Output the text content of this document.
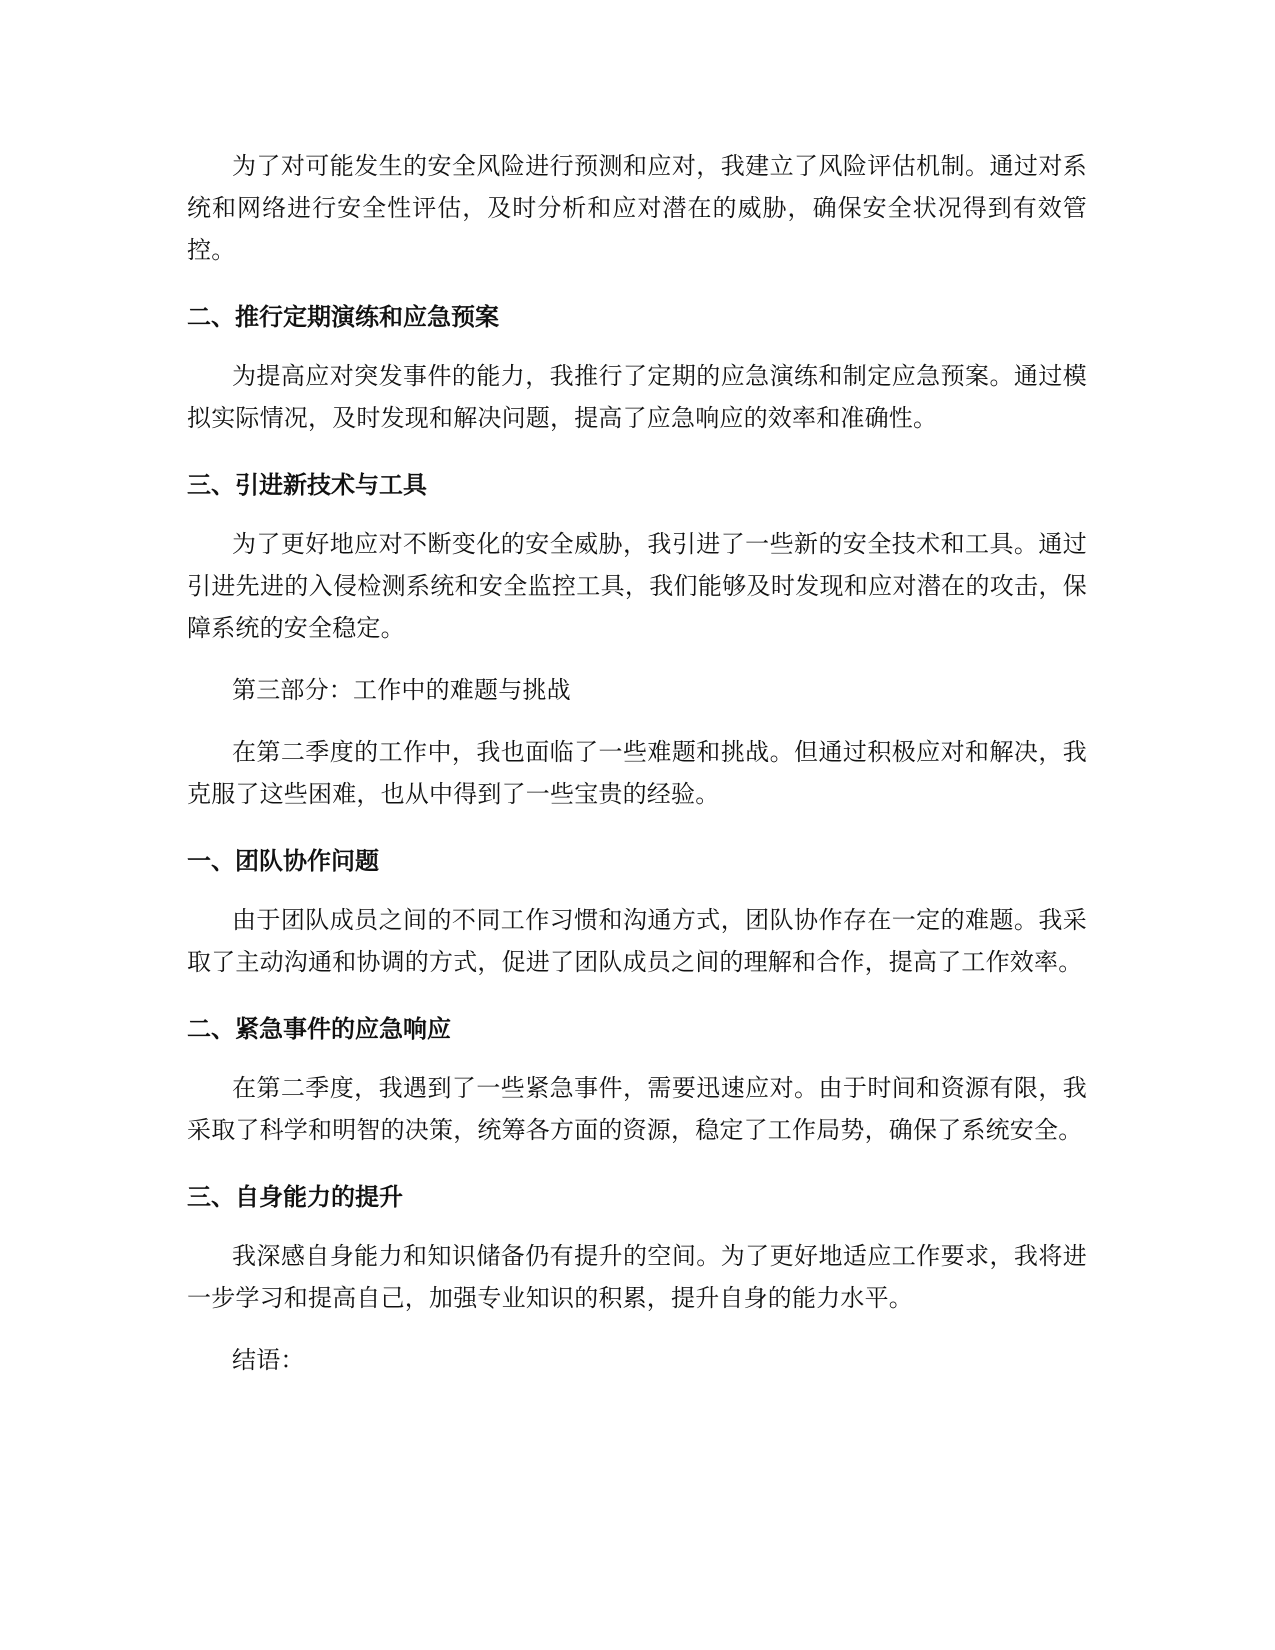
为了对可能发生的安全风险进行预测和应对，我建立了风险评估机制。通过对系统和网络进行安全性评估，及时分析和应对潜在的威胁，确保安全状况得到有效管控。

二、推行定期演练和应急预案

为提高应对突发事件的能力，我推行了定期的应急演练和制定应急预案。通过模拟实际情况，及时发现和解决问题，提高了应急响应的效率和准确性。

三、引进新技术与工具

为了更好地应对不断变化的安全威胁，我引进了一些新的安全技术和工具。通过引进先进的入侵检测系统和安全监控工具，我们能够及时发现和应对潜在的攻击，保障系统的安全稳定。

第三部分：工作中的难题与挑战

在第二季度的工作中，我也面临了一些难题和挑战。但通过积极应对和解决，我克服了这些困难，也从中得到了一些宝贵的经验。

一、团队协作问题

由于团队成员之间的不同工作习惯和沟通方式，团队协作存在一定的难题。我采取了主动沟通和协调的方式，促进了团队成员之间的理解和合作，提高了工作效率。

二、紧急事件的应急响应

在第二季度，我遇到了一些紧急事件，需要迅速应对。由于时间和资源有限，我采取了科学和明智的决策，统筹各方面的资源，稳定了工作局势，确保了系统安全。

三、自身能力的提升

我深感自身能力和知识储备仍有提升的空间。为了更好地适应工作要求，我将进一步学习和提高自己，加强专业知识的积累，提升自身的能力水平。

结语：
